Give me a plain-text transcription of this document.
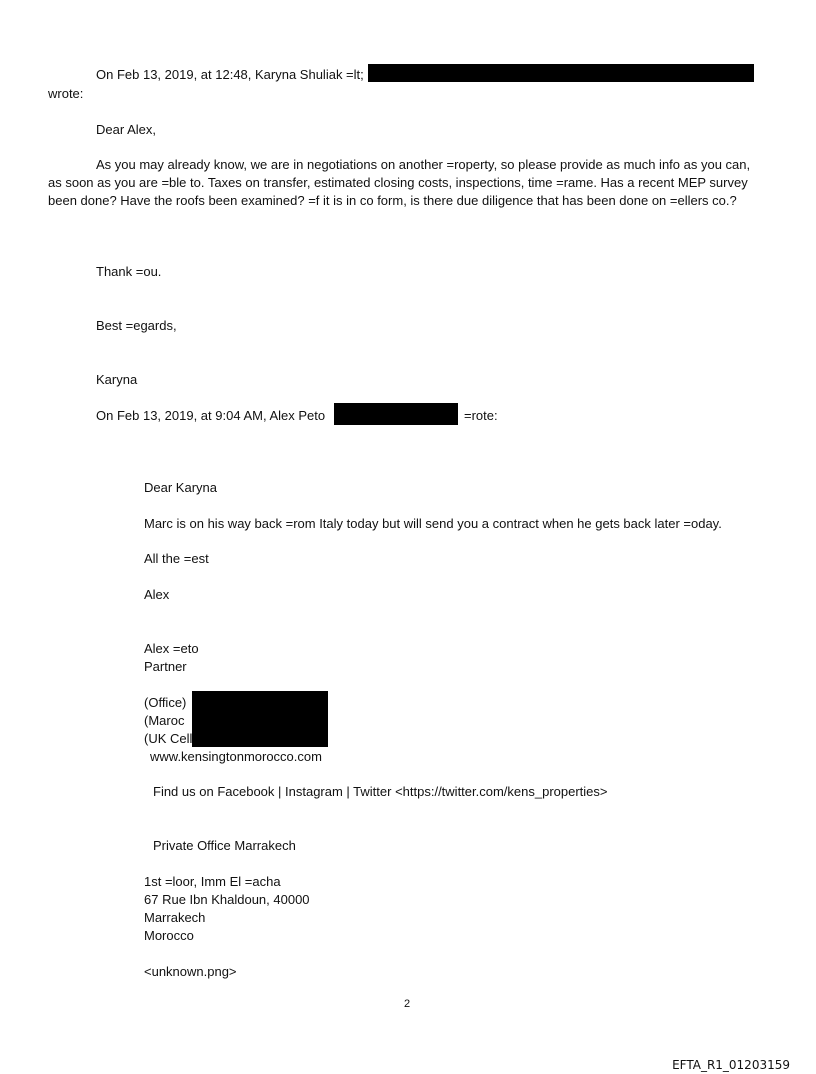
On Feb 13, 2019, at 12:48, Karyna Shuliak =lt;
wrote:
Dear Alex,
As you may already know, we are in negotiations on another =roperty, so please provide as much info as you can, as soon as you are =ble to. Taxes on transfer, estimated closing costs, inspections, time =rame. Has a recent MEP survey been done? Have the roofs been examined? =f it is in co form, is there due diligence that has been done on =ellers co.?
Thank =ou.
Best =egards,
Karyna
On Feb 13, 2019, at 9:04 AM, Alex Peto	=rote:
Dear Karyna
Marc is on his way back =rom Italy today but will send you a contract when he gets back later =oday.
All the =est
Alex
Alex =eto
Partner
(Office)
(Maroc
(UK Cell
www.kensingtonmorocco.com
Find us on Facebook | Instagram | Twitter <https://twitter.com/kens_properties>
Private Office Marrakech
1st =loor, Imm El =acha
67 Rue Ibn Khaldoun, 40000
Marrakech
Morocco
<unknown.png>
2
EFTA_R1_01203159
